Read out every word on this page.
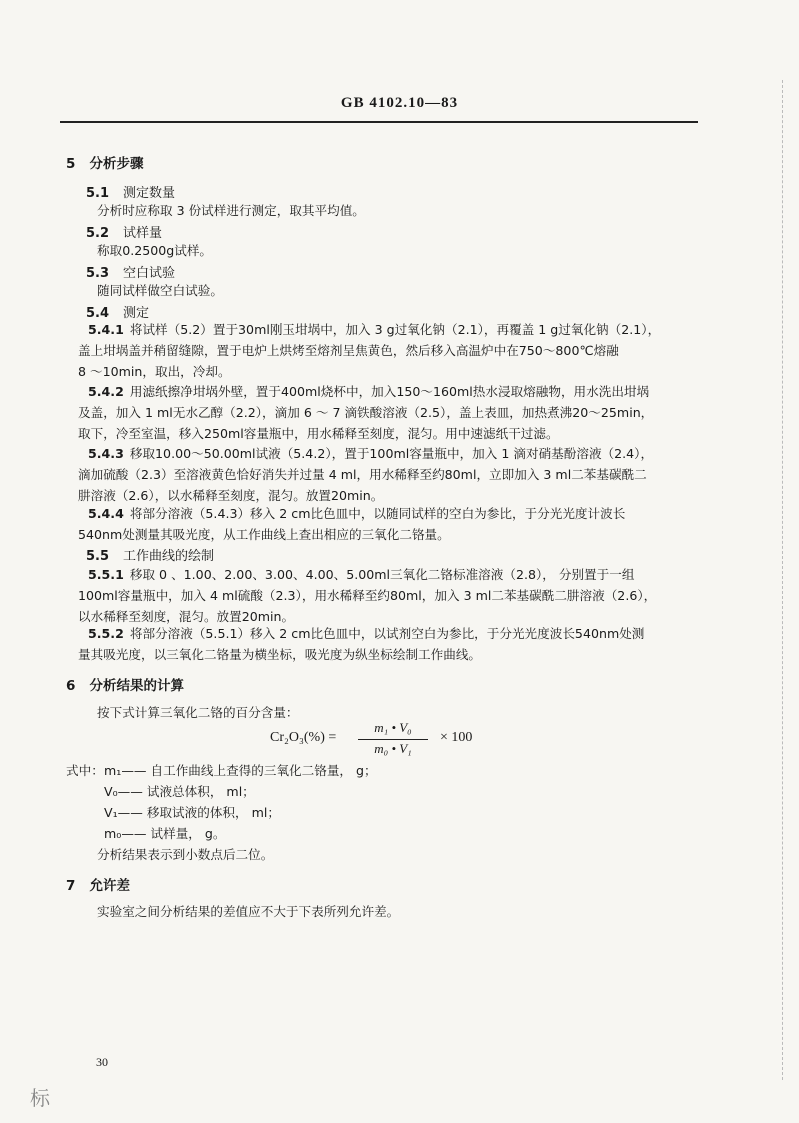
GB 4102.10—83
5 分析步骤
5.1 测定数量
分析时应称取 3 份试样进行测定，取其平均值。
5.2 试样量
称取0.2500g试样。
5.3 空白试验
随同试样做空白试验。
5.4 测定
5.4.1 将试样（5.2）置于30ml刚玉坩埚中，加入 3 g过氧化钠（2.1），再覆盖 1 g过氧化钠（2.1），
盖上坩埚盖并稍留缝隙，置于电炉上烘烤至熔剂呈焦黄色，然后移入高温炉中在750～800℃熔融
8 ～10min，取出，冷却。
5.4.2 用滤纸擦净坩埚外壁，置于400ml烧杯中，加入150～160ml热水浸取熔融物，用水洗出坩埚
及盖，加入 1 ml无水乙醇（2.2），滴加 6 ～ 7 滴铁酸溶液（2.5），盖上表皿，加热煮沸20～25min，
取下，冷至室温，移入250ml容量瓶中，用水稀释至刻度，混匀。用中速滤纸干过滤。
5.4.3 移取10.00～50.00ml试液（5.4.2），置于100ml容量瓶中，加入 1 滴对硝基酚溶液（2.4），
滴加硫酸（2.3）至溶液黄色恰好消失并过量 4 ml，用水稀释至约80ml，立即加入 3 ml二苯基碳酰二
肼溶液（2.6），以水稀释至刻度，混匀。放置20min。
5.4.4 将部分溶液（5.4.3）移入 2 cm比色皿中，以随同试样的空白为参比，于分光光度计波长
540nm处测量其吸光度，从工作曲线上查出相应的三氧化二铬量。
5.5 工作曲线的绘制
5.5.1 移取 0 、1.00、2.00、3.00、4.00、5.00ml三氧化二铬标准溶液（2.8）， 分别置于一组
100ml容量瓶中，加入 4 ml硫酸（2.3），用水稀释至约80ml，加入 3 ml二苯基碳酰二肼溶液（2.6），
以水稀释至刻度，混匀。放置20min。
5.5.2 将部分溶液（5.5.1）移入 2 cm比色皿中，以试剂空白为参比，于分光光度波长540nm处测
量其吸光度，以三氧化二铬量为横坐标，吸光度为纵坐标绘制工作曲线。
6 分析结果的计算
按下式计算三氧化二铬的百分含量：
Cr₂O₃(%) =
m₁ • V₀
m₀ • V₁
× 100
式中： m₁—— 自工作曲线上查得的三氧化二铬量， g；
V₀—— 试液总体积， ml；
V₁—— 移取试液的体积， ml；
m₀—— 试样量， g。
分析结果表示到小数点后二位。
7 允许差
实验室之间分析结果的差值应不大于下表所列允许差。
30
标
